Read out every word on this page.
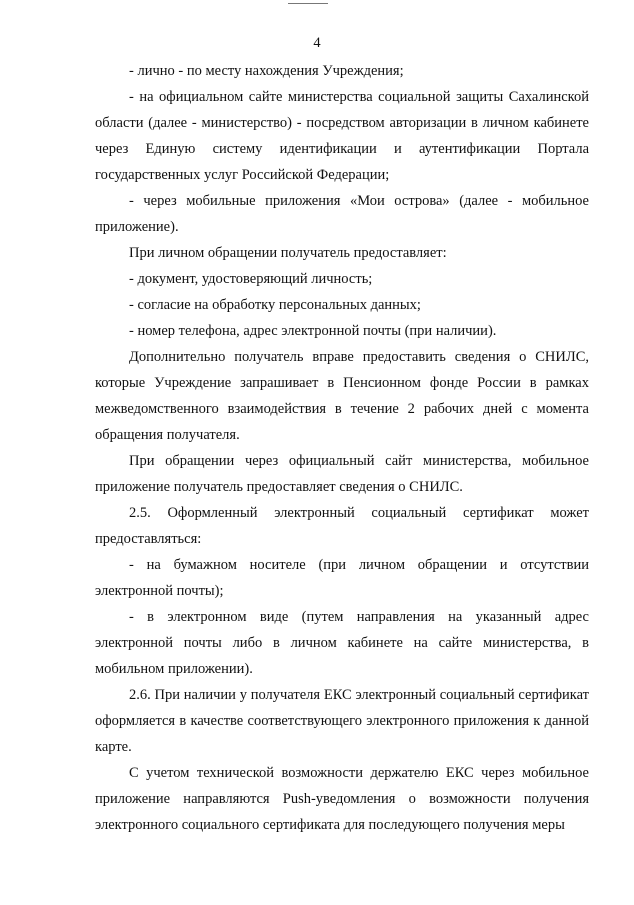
4

- лично - по месту нахождения Учреждения;

- на официальном сайте министерства социальной защиты Сахалинской области (далее - министерство) - посредством авторизации в личном кабинете через Единую систему идентификации и аутентификации Портала государственных услуг Российской Федерации;

- через мобильные приложения «Мои острова» (далее - мобильное приложение).

При личном обращении получатель предоставляет:

- документ, удостоверяющий личность;

- согласие на обработку персональных данных;

- номер телефона, адрес электронной почты (при наличии).

Дополнительно получатель вправе предоставить сведения о СНИЛС, которые Учреждение запрашивает в Пенсионном фонде России в рамках межведомственного взаимодействия в течение 2 рабочих дней с момента обращения получателя.

При обращении через официальный сайт министерства, мобильное приложение получатель предоставляет сведения о СНИЛС.

2.5. Оформленный электронный социальный сертификат может предоставляться:

- на бумажном носителе (при личном обращении и отсутствии электронной почты);

- в электронном виде (путем направления на указанный адрес электронной почты либо в личном кабинете на сайте министерства, в мобильном приложении).

2.6. При наличии у получателя ЕКС электронный социальный сертификат оформляется в качестве соответствующего электронного приложения к данной карте.

С учетом технической возможности держателю ЕКС через мобильное приложение направляются Push-уведомления о возможности получения электронного социального сертификата для последующего получения меры
